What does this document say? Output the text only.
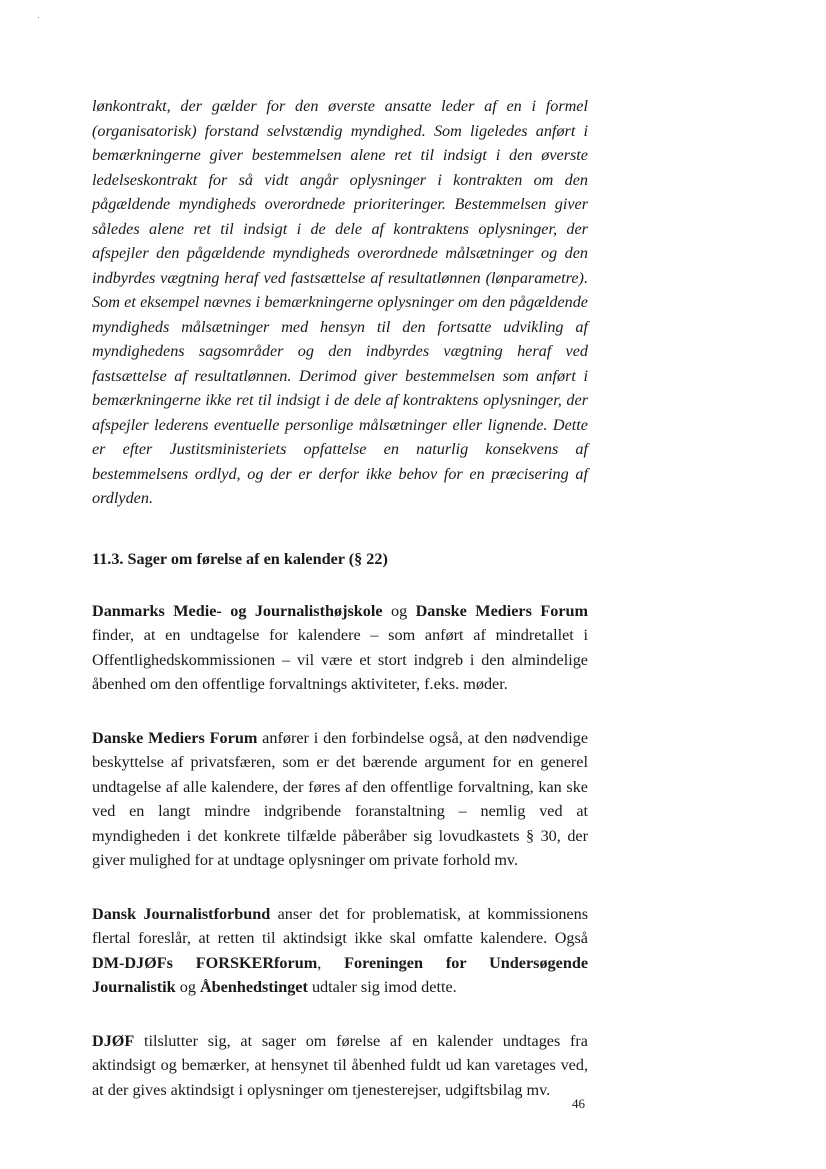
lønkontrakt, der gælder for den øverste ansatte leder af en i formel (organisatorisk) forstand selvstændig myndighed. Som ligeledes anført i bemærkningerne giver bestemmelsen alene ret til indsigt i den øverste ledelseskontrakt for så vidt angår oplysninger i kontrakten om den pågældende myndigheds overordnede prioriteringer. Bestemmelsen giver således alene ret til indsigt i de dele af kontraktens oplysninger, der afspejler den pågældende myndigheds overordnede målsætninger og den indbyrdes vægtning heraf ved fastsættelse af resultatlønnen (lønparametre). Som et eksempel nævnes i bemærkningerne oplysninger om den pågældende myndigheds målsætninger med hensyn til den fortsatte udvikling af myndighedens sagsområder og den indbyrdes vægtning heraf ved fastsættelse af resultatlønnen. Derimod giver bestemmelsen som anført i bemærkningerne ikke ret til indsigt i de dele af kontraktens oplysninger, der afspejler lederens eventuelle personlige målsætninger eller lignende. Dette er efter Justitsministeriets opfattelse en naturlig konsekvens af bestemmelsens ordlyd, og der er derfor ikke behov for en præcisering af ordlyden.

11.3. Sager om førelse af en kalender (§ 22)

Danmarks Medie- og Journalisthøjskole og Danske Mediers Forum finder, at en undtagelse for kalendere – som anført af mindretallet i Offentlighedskommissionen – vil være et stort indgreb i den almindelige åbenhed om den offentlige forvaltnings aktiviteter, f.eks. møder.

Danske Mediers Forum anfører i den forbindelse også, at den nødvendige beskyttelse af privatsfæren, som er det bærende argument for en generel undtagelse af alle kalendere, der føres af den offentlige forvaltning, kan ske ved en langt mindre indgribende foranstaltning – nemlig ved at myndigheden i det konkrete tilfælde påberåber sig lovudkastets § 30, der giver mulighed for at undtage oplysninger om private forhold mv.

Dansk Journalistforbund anser det for problematisk, at kommissionens flertal foreslår, at retten til aktindsigt ikke skal omfatte kalendere. Også DM-DJØFs FORSKERforum, Foreningen for Undersøgende Journalistik og Åbenhedstinget udtaler sig imod dette.

DJØF tilslutter sig, at sager om førelse af en kalender undtages fra aktindsigt og bemærker, at hensynet til åbenhed fuldt ud kan varetages ved, at der gives aktindsigt i oplysninger om tjenesterejser, udgiftsbilag mv.

46
